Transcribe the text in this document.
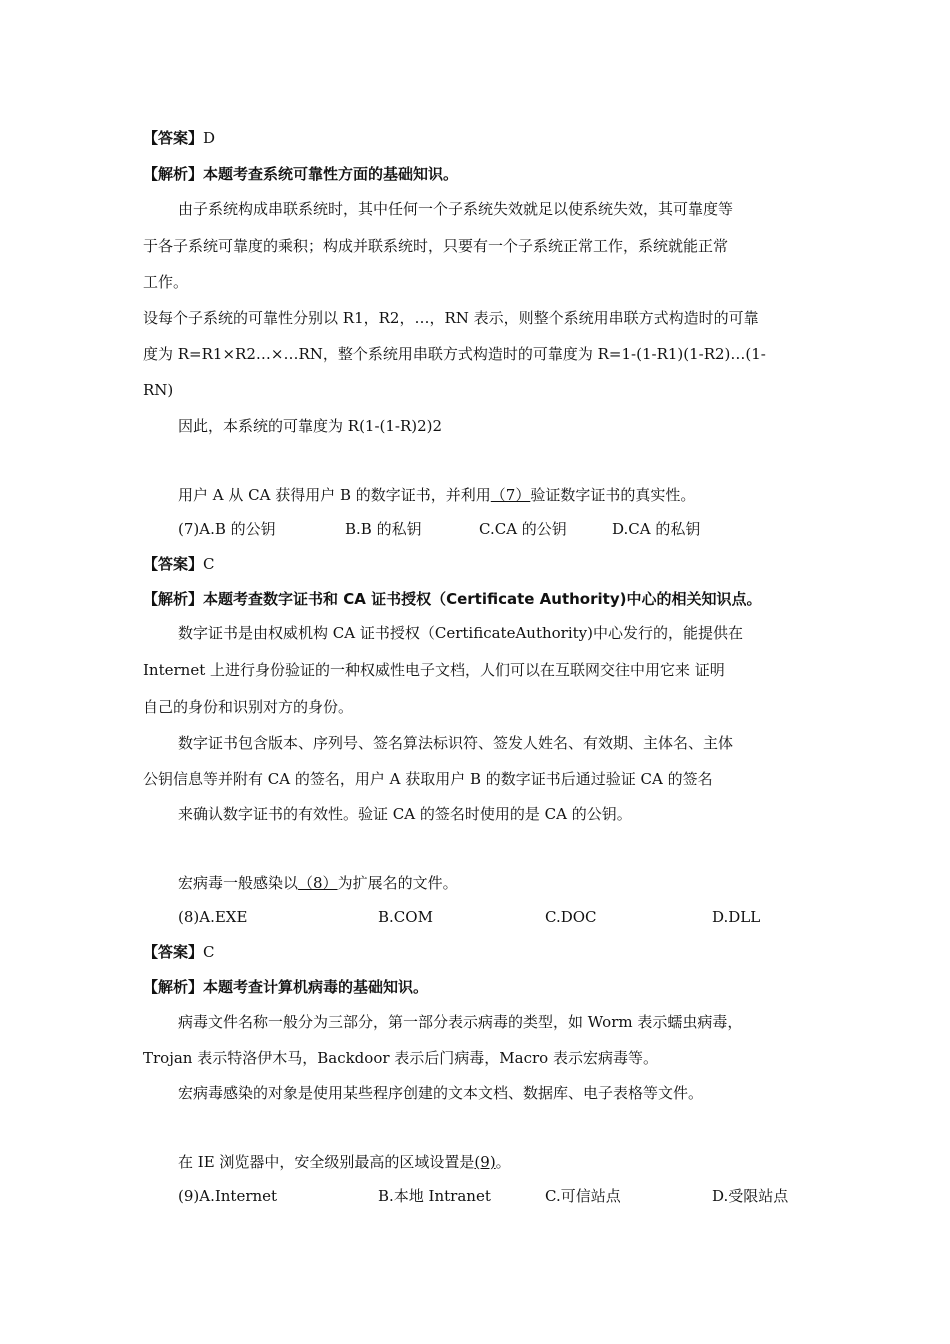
【答案】D
【解析】本题考查系统可靠性方面的基础知识。
由子系统构成串联系统时，其中任何一个子系统失效就足以使系统失效，其可靠度等
于各子系统可靠度的乘积；构成并联系统时，只要有一个子系统正常工作，系统就能正常
工作。
设每个子系统的可靠性分别以 R1，R2，…，RN 表示，则整个系统用串联方式构造时的可靠
度为 R=R1×R2…×…RN，整个系统用串联方式构造时的可靠度为 R=1-(1-R1)(1-R2)…(1-
RN)
因此，本系统的可靠度为 R(1-(1-R)2)2
用户 A 从 CA 获得用户 B 的数字证书，并利用（7）验证数字证书的真实性。
(7)A.B 的公钥	B.B 的私钥	C.CA 的公钥	D.CA 的私钥
【答案】C
【解析】本题考查数字证书和 CA 证书授权（Certificate Authority)中心的相关知识点。
数字证书是由权威机构 CA 证书授权（CertificateAuthority)中心发行的，能提供在
Internet 上进行身份验证的一种权威性电子文档，人们可以在互联网交往中用它来 证明
自己的身份和识别对方的身份。
数字证书包含版本、序列号、签名算法标识符、签发人姓名、有效期、主体名、主体
公钥信息等并附有 CA 的签名，用户 A 获取用户 B 的数字证书后通过验证 CA 的签名
来确认数字证书的有效性。验证 CA 的签名时使用的是 CA 的公钥。
宏病毒一般感染以（8）为扩展名的文件。
(8)A.EXE	B.COM	C.DOC	D.DLL
【答案】C
【解析】本题考查计算机病毒的基础知识。
病毒文件名称一般分为三部分，第一部分表示病毒的类型，如 Worm 表示蠕虫病毒，
Trojan 表示特洛伊木马，Backdoor 表示后门病毒，Macro 表示宏病毒等。
宏病毒感染的对象是使用某些程序创建的文本文档、数据库、电子表格等文件。
在 IE 浏览器中，安全级别最高的区域设置是(9)。
(9)A.Internet	B.本地 Intranet	C.可信站点	D.受限站点
